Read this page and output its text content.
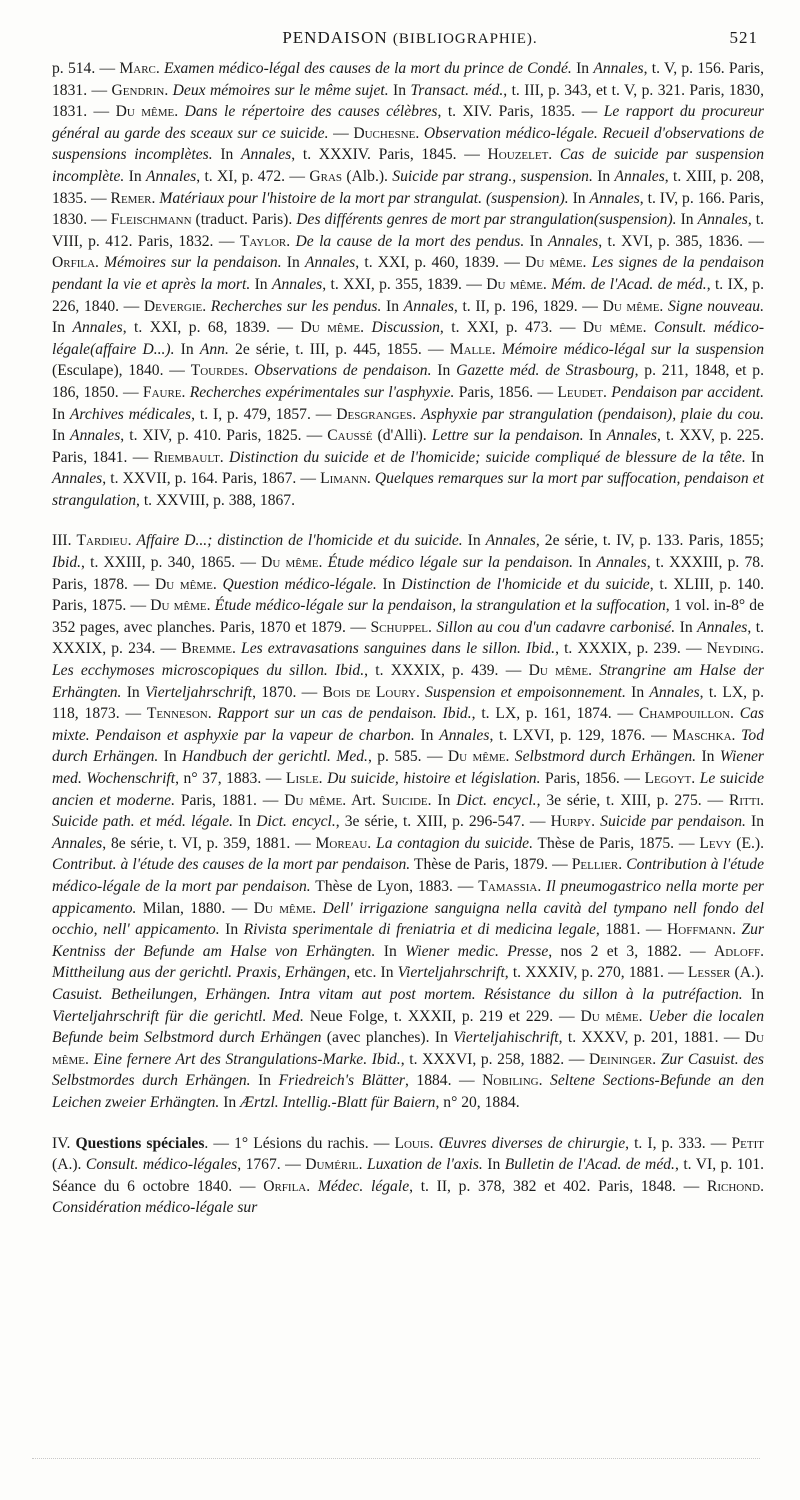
PENDAISON (BIBLIOGRAPHIE).	521

p. 514. — Marc. Examen médico-légal des causes de la mort du prince de Condé. In Annales, t. V, p. 156. Paris, 1831. — Gendrin. Deux mémoires sur le même sujet. In Transact. méd., t. III, p. 343, et t. V, p. 321. Paris, 1830, 1831. — Du même. Dans le répertoire des causes célèbres, t. XIV. Paris, 1835. — Le rapport du procureur général au garde des sceaux sur ce suicide. — Duchesne. Observation médico-légale. Recueil d'observations de suspensions incomplètes. In Annales, t. XXXIV. Paris, 1845. — Houzelet. Cas de suicide par suspension incomplète. In Annales, t. XI, p. 472. — Gras (Alb.). Suicide par strang., suspension. In Annales, t. XIII, p. 208, 1835. — Remer. Matériaux pour l'histoire de la mort par strangulat. (suspension). In Annales, t. IV, p. 166. Paris, 1830. — Fleischmann (traduct. Paris). Des différents genres de mort par strangulation(suspension). In Annales, t. VIII, p. 412. Paris, 1832. — Taylor. De la cause de la mort des pendus. In Annales, t. XVI, p. 385, 1836. — Orfila. Mémoires sur la pendaison. In Annales, t. XXI, p. 460, 1839. — Du même. Les signes de la pendaison pendant la vie et après la mort. In Annales, t. XXI, p. 355, 1839. — Du même. Mém. de l'Acad. de méd., t. IX, p. 226, 1840. — Devergie. Recherches sur les pendus. In Annales, t. II, p. 196, 1829. — Du même. Signe nouveau. In Annales, t. XXI, p. 68, 1839. — Du même. Discussion, t. XXI, p. 473. — Du même. Consult. médico-légale(affaire D...). In Ann. 2e série, t. III, p. 445, 1855. — Malle. Mémoire médico-légal sur la suspension (Esculape), 1840. — Tourdes. Observations de pendaison. In Gazette méd. de Strasbourg, p. 211, 1848, et p. 186, 1850. — Faure. Recherches expérimentales sur l'asphyxie. Paris, 1856. — Leudet. Pendaison par accident. In Archives médicales, t. I, p. 479, 1857. — Desgranges. Asphyxie par strangulation (pendaison), plaie du cou. In Annales, t. XIV, p. 410. Paris, 1825. — Caussé (d'Alli). Lettre sur la pendaison. In Annales, t. XXV, p. 225. Paris, 1841. — Riembault. Distinction du suicide et de l'homicide; suicide compliqué de blessure de la tête. In Annales, t. XXVII, p. 164. Paris, 1867. — Limann. Quelques remarques sur la mort par suffocation, pendaison et strangulation, t. XXVIII, p. 388, 1867.

III. Tardieu. Affaire D...; distinction de l'homicide et du suicide. In Annales, 2e série, t. IV, p. 133. Paris, 1855; Ibid., t. XXIII, p. 340, 1865. — Du même. Étude médico légale sur la pendaison. In Annales, t. XXXIII, p. 78. Paris, 1878. — Du même. Question médico-légale. In Distinction de l'homicide et du suicide, t. XLIII, p. 140. Paris, 1875. — Du même. Étude médico-légale sur la pendaison, la strangulation et la suffocation, 1 vol. in-8° de 352 pages, avec planches. Paris, 1870 et 1879. — Schuppel. Sillon au cou d'un cadavre carbonisé. In Annales, t. XXXIX, p. 234. — Bremme. Les extravasations sanguines dans le sillon. Ibid., t. XXXIX, p. 239. — Neyding. Les ecchymoses microscopiques du sillon. Ibid., t. XXXIX, p. 439. — Du même. Strangrine am Halse der Erhängten. In Vierteljahrschrift, 1870. — Bois de Loury. Suspension et empoisonnement. In Annales, t. LX, p. 118, 1873. — Tenneson. Rapport sur un cas de pendaison. Ibid., t. LX, p. 161, 1874. — Champouillon. Cas mixte. Pendaison et asphyxie par la vapeur de charbon. In Annales, t. LXVI, p. 129, 1876. — Maschka. Tod durch Erhängen. In Handbuch der gerichtl. Med., p. 585. — Du même. Selbstmord durch Erhängen. In Wiener med. Wochenschrift, n° 37, 1883. — Lisle. Du suicide, histoire et législation. Paris, 1856. — Legoyt. Le suicide ancien et moderne. Paris, 1881. — Du même. Art. Suicide. In Dict. encycl., 3e série, t. XIII, p. 275. — Ritti. Suicide path. et méd. légale. In Dict. encycl., 3e série, t. XIII, p. 296-547. — Hurpy. Suicide par pendaison. In Annales, 8e série, t. VI, p. 359, 1881. — Moreau. La contagion du suicide. Thèse de Paris, 1875. — Levy (E.). Contribut. à l'étude des causes de la mort par pendaison. Thèse de Paris, 1879. — Pellier. Contribution à l'étude médico-légale de la mort par pendaison. Thèse de Lyon, 1883. — Tamassia. Il pneumogastrico nella morte per appicamento. Milan, 1880. — Du même. Dell' irrigazione sanguigna nella cavità del tympano nell fondo del occhio, nell' appicamento. In Rivista sperimentale di freniatria et di medicina legale, 1881. — Hoffmann. Zur Kentniss der Befunde am Halse von Erhängten. In Wiener medic. Presse, nos 2 et 3, 1882. — Adloff. Mittheilung aus der gerichtl. Praxis, Erhängen, etc. In Vierteljahrschrift, t. XXXIV, p. 270, 1881. — Lesser (A.). Casuist. Betheilungen, Erhängen. Intra vitam aut post mortem. Résistance du sillon à la putréfaction. In Vierteljahrschrift für die gerichtl. Med. Neue Folge, t. XXXII, p. 219 et 229. — Du même. Ueber die localen Befunde beim Selbstmord durch Erhängen (avec planches). In Vierteljahischrift, t. XXXV, p. 201, 1881. — Du même. Eine fernere Art des Strangulations-Marke. Ibid., t. XXXVI, p. 258, 1882. — Deininger. Zur Casuist. des Selbstmordes durch Erhängen. In Friedreich's Blätter, 1884. — Nobiling. Seltene Sections-Befunde an den Leichen zweier Erhängten. In Ærtzl. Intellig.-Blatt für Baiern, n° 20, 1884.

IV. Questions spéciales. — 1° Lésions du rachis. — Louis. Œuvres diverses de chirurgie, t. I, p. 333. — Petit (A.). Consult. médico-légales, 1767. — Duméril. Luxation de l'axis. In Bulletin de l'Acad. de méd., t. VI, p. 101. Séance du 6 octobre 1840. — Orfila. Médec. légale, t. II, p. 378, 382 et 402. Paris, 1848. — Richond. Considération médico-légale sur
